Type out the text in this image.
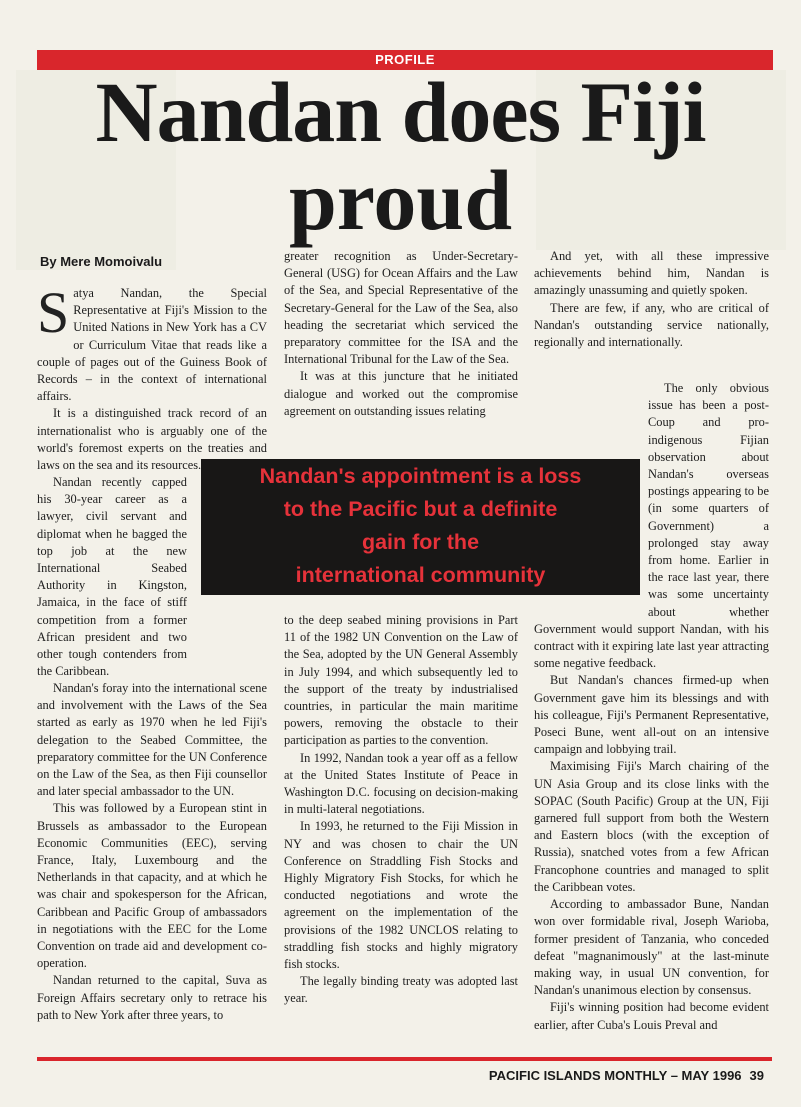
PROFILE
Nandan does Fiji
proud
By Mere Momoivalu

Satya Nandan, the Special Representative at Fiji's Mission to the United Nations in New York has a CV or Curriculum Vitae that reads like a couple of pages out of the Guiness Book of Records – in the context of international affairs.

It is a distinguished track record of an internationalist who is arguably one of the world's foremost experts on the treaties and laws on the sea and its resources.

Nandan recently capped his 30-year career as a lawyer, civil servant and diplomat when he bagged the top job at the new International Seabed Authority in Kingston, Jamaica, in the face of stiff competition from a former African president and two other tough contenders from the Caribbean.

Nandan's foray into the international scene and involvement with the Laws of the Sea started as early as 1970 when he led Fiji's delegation to the Seabed Committee, the preparatory committee for the UN Conference on the Law of the Sea, as then Fiji counsellor and later special ambassador to the UN.

This was followed by a European stint in Brussels as ambassador to the European Economic Communities (EEC), serving France, Italy, Luxembourg and the Netherlands in that capacity, and at which he was chair and spokesperson for the African, Caribbean and Pacific Group of ambassadors in negotiations with the EEC for the Lome Convention on trade aid and development co-operation.

Nandan returned to the capital, Suva as Foreign Affairs secretary only to retrace his path to New York after three years, to

greater recognition as Under-Secretary-General (USG) for Ocean Affairs and the Law of the Sea, and Special Representative of the Secretary-General for the Law of the Sea, also heading the secretariat which serviced the preparatory committee for the ISA and the International Tribunal for the Law of the Sea.

It was at this juncture that he initiated dialogue and worked out the compromise agreement on outstanding issues relating

to the deep seabed mining provisions in Part 11 of the 1982 UN Convention on the Law of the Sea, adopted by the UN General Assembly in July 1994, and which subsequently led to the support of the treaty by industrialised countries, in particular the main maritime powers, removing the obstacle to their participation as parties to the convention.

In 1992, Nandan took a year off as a fellow at the United States Institute of Peace in Washington D.C. focusing on decision-making in multi-lateral negotiations.

In 1993, he returned to the Fiji Mission in NY and was chosen to chair the UN Conference on Straddling Fish Stocks and Highly Migratory Fish Stocks, for which he conducted negotiations and wrote the agreement on the implementation of the provisions of the 1982 UNCLOS relating to straddling fish stocks and highly migratory fish stocks.

The legally binding treaty was adopted last year.

And yet, with all these impressive achievements behind him, Nandan is amazingly unassuming and quietly spoken.

There are few, if any, who are critical of Nandan's outstanding service nationally, regionally and internationally.

The only obvious issue has been a post-Coup and pro-indigenous Fijian observation about Nandan's overseas postings appearing to be (in some quarters of Government) a prolonged stay away from home. Earlier in the race last year, there was some uncertainty about whether Government would support Nandan, with his contract with it expiring late last year attracting some negative feedback.

But Nandan's chances firmed-up when Government gave him its blessings and with his colleague, Fiji's Permanent Representative, Poseci Bune, went all-out on an intensive campaign and lobbying trail.

Maximising Fiji's March chairing of the UN Asia Group and its close links with the SOPAC (South Pacific) Group at the UN, Fiji garnered full support from both the Western and Eastern blocs (with the exception of Russia), snatched votes from a few African Francophone countries and managed to split the Caribbean votes.

According to ambassador Bune, Nandan won over formidable rival, Joseph Warioba, former president of Tanzania, who conceded defeat "magnanimously" at the last-minute making way, in usual UN convention, for Nandan's unanimous election by consensus.

Fiji's winning position had become evident earlier, after Cuba's Louis Preval and

Nandan's appointment is a loss
to the Pacific but a definite
gain for the
international community
PACIFIC ISLANDS MONTHLY – MAY 1996 39
